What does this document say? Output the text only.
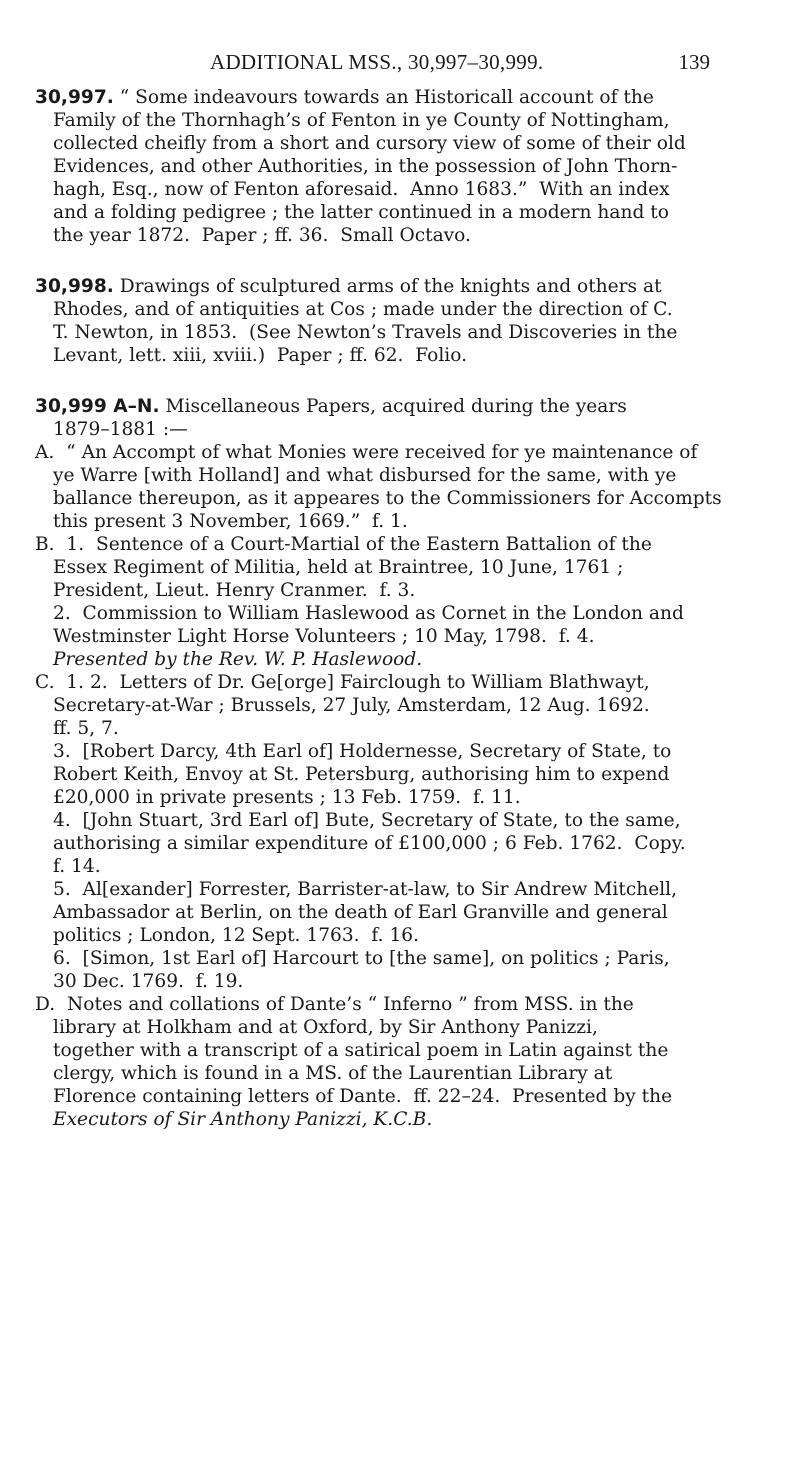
ADDITIONAL MSS., 30,997–30,999.	139
30,997. “ Some indeavours towards an Historicall account of the
Family of the Thornhagh’s of Fenton in ye County of Nottingham,
collected cheifly from a short and cursory view of some of their old
Evidences, and other Authorities, in the possession of John Thorn-
hagh, Esq., now of Fenton aforesaid.  Anno 1683.”  With an index
and a folding pedigree ; the latter continued in a modern hand to
the year 1872.  Paper ; ff. 36.  Small Octavo.
30,998. Drawings of sculptured arms of the knights and others at
Rhodes, and of antiquities at Cos ; made under the direction of C.
T. Newton, in 1853.  (See Newton’s Travels and Discoveries in the
Levant, lett. xiii, xviii.)  Paper ; ff. 62.  Folio.
30,999 A–N. Miscellaneous Papers, acquired during the years
1879–1881 :—
A.  “ An Accompt of what Monies were received for ye maintenance of
ye Warre [with Holland] and what disbursed for the same, with ye
ballance thereupon, as it appeares to the Commissioners for Accompts
this present 3 November, 1669.”  f. 1.
B.  1.  Sentence of a Court-Martial of the Eastern Battalion of the
Essex Regiment of Militia, held at Braintree, 10 June, 1761 ;
President, Lieut. Henry Cranmer.  f. 3.
2.  Commission to William Haslewood as Cornet in the London and
Westminster Light Horse Volunteers ; 10 May, 1798.  f. 4.
Presented by the Rev. W. P. Haslewood.
C.  1. 2.  Letters of Dr. Ge[orge] Fairclough to William Blathwayt,
Secretary-at-War ; Brussels, 27 July, Amsterdam, 12 Aug. 1692.
ff. 5, 7.
3.  [Robert Darcy, 4th Earl of] Holdernesse, Secretary of State, to
Robert Keith, Envoy at St. Petersburg, authorising him to expend
£20,000 in private presents ; 13 Feb. 1759.  f. 11.
4.  [John Stuart, 3rd Earl of] Bute, Secretary of State, to the same,
authorising a similar expenditure of £100,000 ; 6 Feb. 1762.  Copy.
f. 14.
5.  Al[exander] Forrester, Barrister-at-law, to Sir Andrew Mitchell,
Ambassador at Berlin, on the death of Earl Granville and general
politics ; London, 12 Sept. 1763.  f. 16.
6.  [Simon, 1st Earl of] Harcourt to [the same], on politics ; Paris,
30 Dec. 1769.  f. 19.
D.  Notes and collations of Dante’s “ Inferno ” from MSS. in the
library at Holkham and at Oxford, by Sir Anthony Panizzi,
together with a transcript of a satirical poem in Latin against the
clergy, which is found in a MS. of the Laurentian Library at
Florence containing letters of Dante.  ff. 22–24.  Presented by the
Executors of Sir Anthony Panizzi, K.C.B.
